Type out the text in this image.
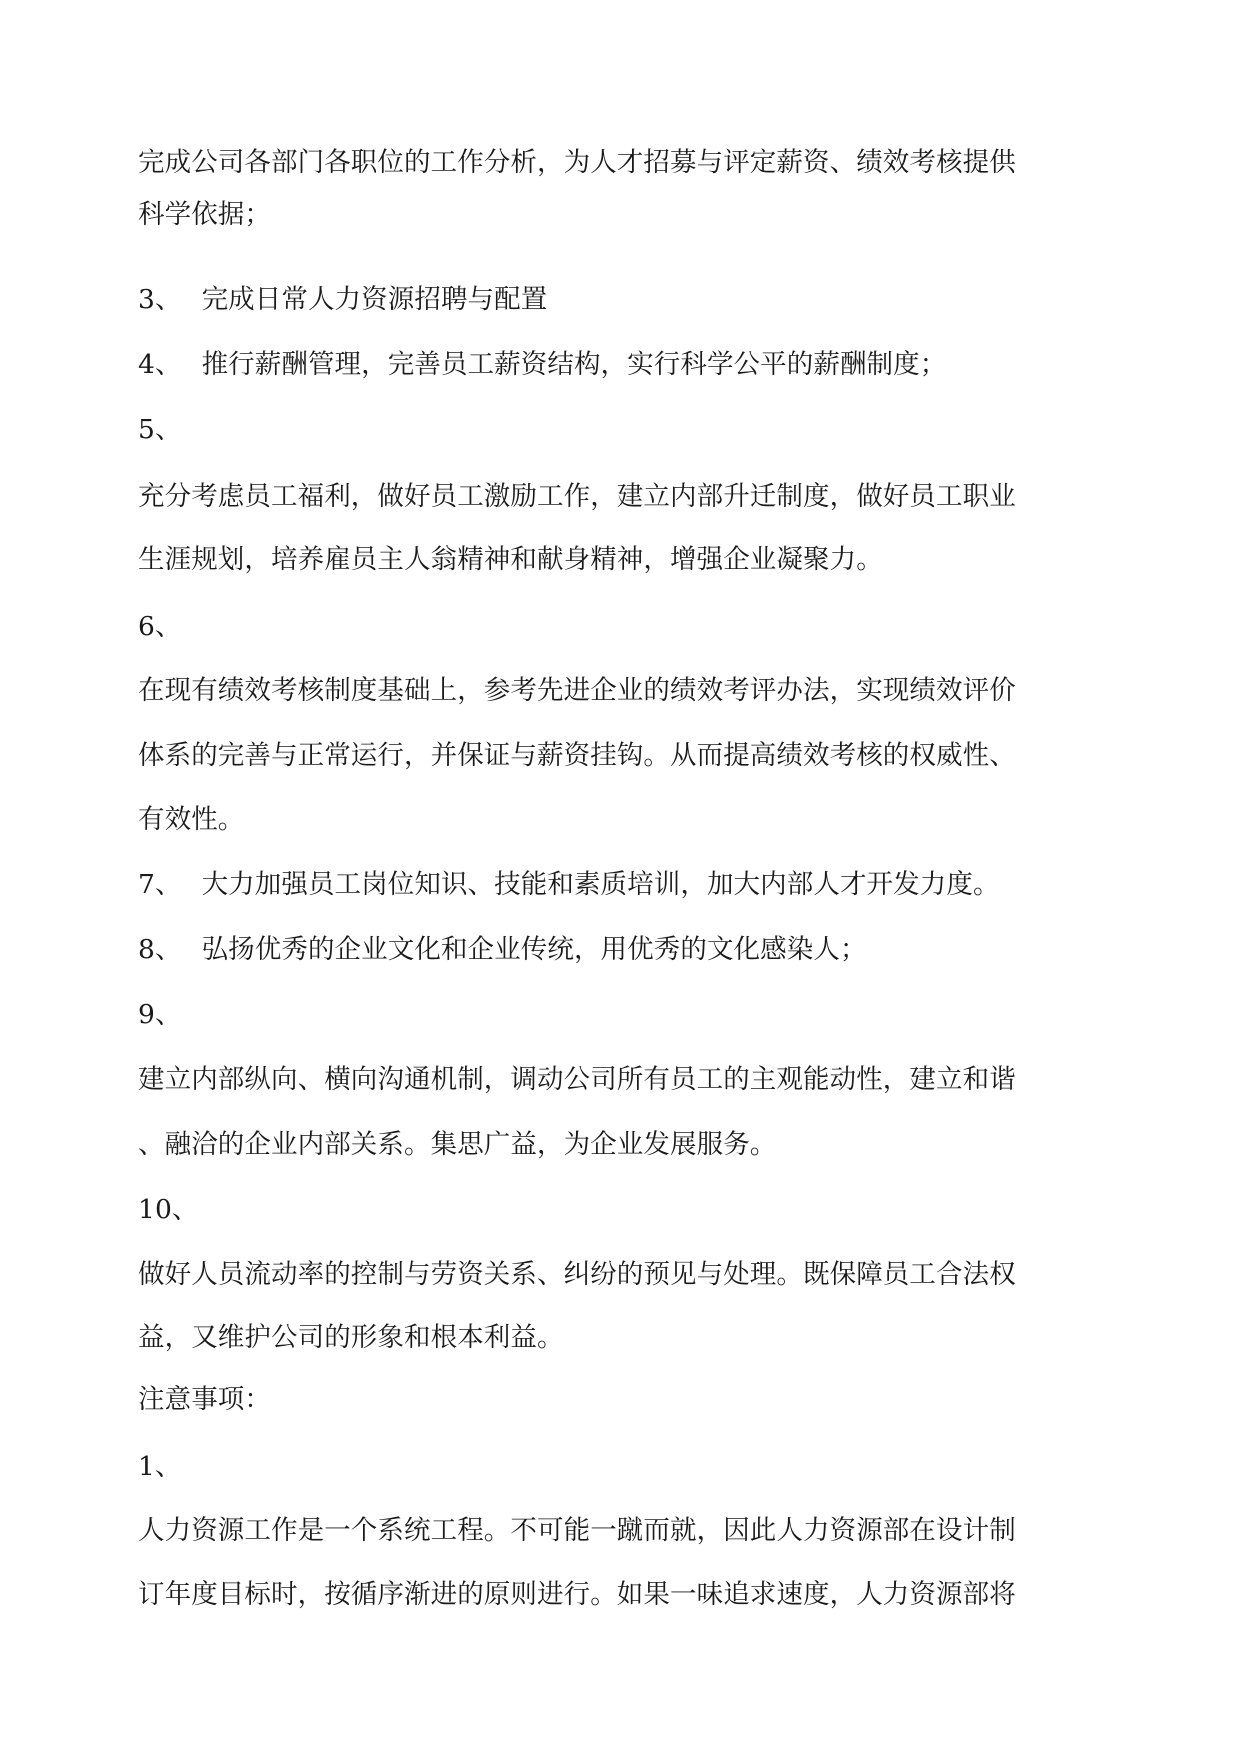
完成公司各部门各职位的工作分析，为人才招募与评定薪资、绩效考核提供
科学依据；
3、 完成日常人力资源招聘与配置
4、 推行薪酬管理，完善员工薪资结构，实行科学公平的薪酬制度；
5、
充分考虑员工福利，做好员工激励工作，建立内部升迁制度，做好员工职业
生涯规划，培养雇员主人翁精神和献身精神，增强企业凝聚力。
6、
在现有绩效考核制度基础上，参考先进企业的绩效考评办法，实现绩效评价
体系的完善与正常运行，并保证与薪资挂钩。从而提高绩效考核的权威性、
有效性。
7、 大力加强员工岗位知识、技能和素质培训，加大内部人才开发力度。
8、 弘扬优秀的企业文化和企业传统，用优秀的文化感染人；
9、
建立内部纵向、横向沟通机制，调动公司所有员工的主观能动性，建立和谐
、融洽的企业内部关系。集思广益，为企业发展服务。
10、
做好人员流动率的控制与劳资关系、纠纷的预见与处理。既保障员工合法权
益，又维护公司的形象和根本利益。
注意事项：
1、
人力资源工作是一个系统工程。不可能一蹴而就，因此人力资源部在设计制
订年度目标时，按循序渐进的原则进行。如果一味追求速度，人力资源部将
